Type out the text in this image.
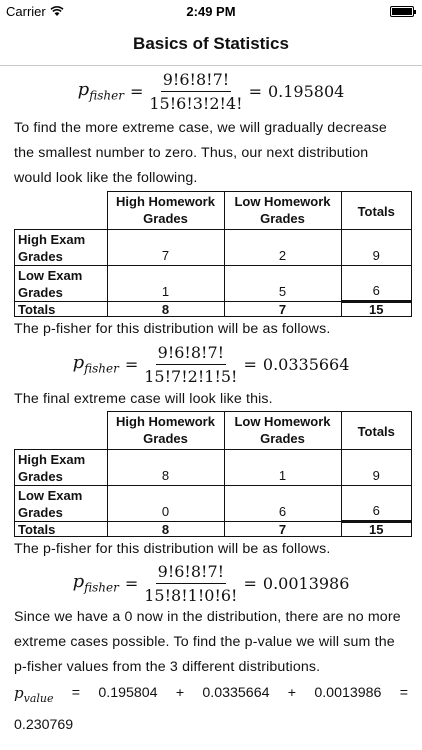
Carrier	2:49 PM
Basics of Statistics
$p_{fisher} = \frac{9!6!8!7!}{15!6!3!2!4!} = 0.195804$
To find the more extreme case, we will gradually decrease the smallest number to zero. Thus, our next distribution would look like the following.
	High Homework Grades	Low Homework Grades	Totals
High Exam Grades	7	2	9
Low Exam Grades	1	5	6
Totals	8	7	15
The p-fisher for this distribution will be as follows.
$p_{fisher} = \frac{9!6!8!7!}{15!7!2!1!5!} = 0.0335664$
The final extreme case will look like this.
	High Homework Grades	Low Homework Grades	Totals
High Exam Grades	8	1	9
Low Exam Grades	0	6	6
Totals	8	7	15
The p-fisher for this distribution will be as follows.
$p_{fisher} = \frac{9!6!8!7!}{15!8!1!0!6!} = 0.0013986$
Since we have a 0 now in the distribution, there are no more extreme cases possible. To find the p-value we will sum the p-fisher values from the 3 different distributions.
$p_{value} = 0.195804 + 0.0335664 + 0.0013986$ =
0.230769
